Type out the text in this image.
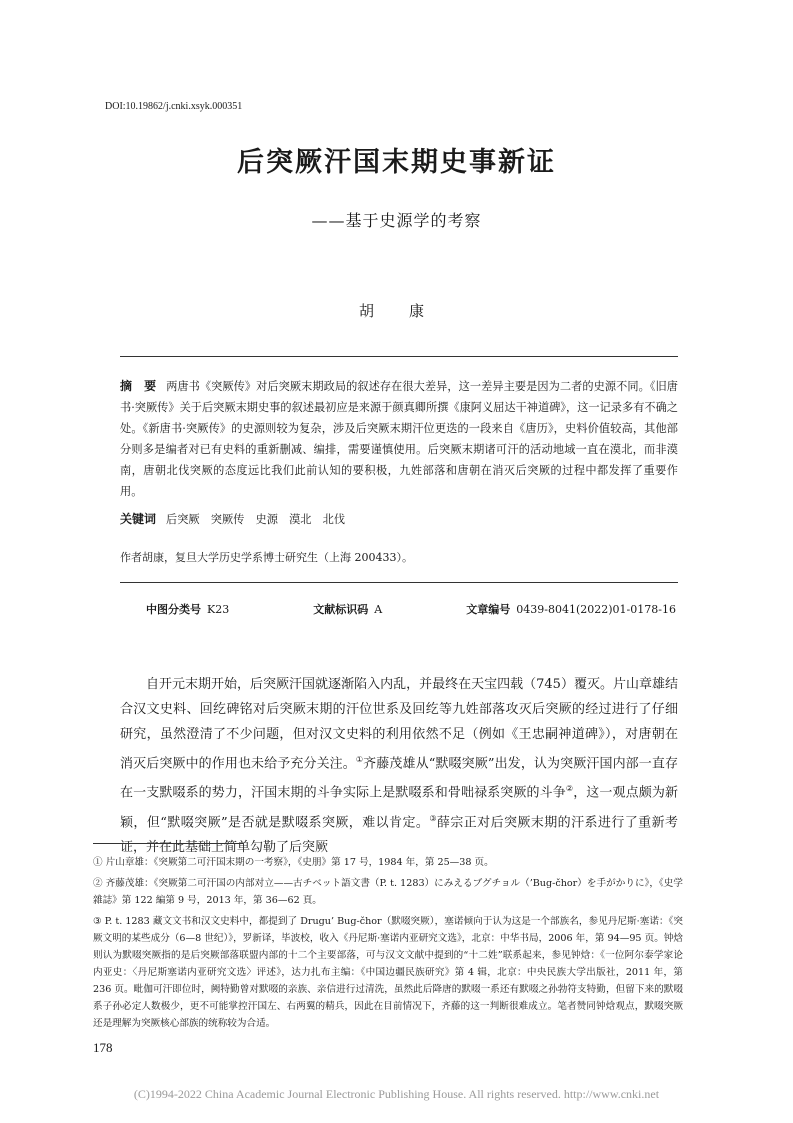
DOI:10.19862/j.cnki.xsyk.000351
后突厥汗国末期史事新证
——基于史源学的考察
胡　康
摘　要 两唐书《突厥传》对后突厥末期政局的叙述存在很大差异，这一差异主要是因为二者的史源不同。《旧唐书·突厥传》关于后突厥末期史事的叙述最初应是来源于颜真卿所撰《康阿义屈达干神道碑》，这一记录多有不确之处。《新唐书·突厥传》的史源则较为复杂，涉及后突厥末期汗位更迭的一段来自《唐历》，史料价值较高，其他部分则多是编者对已有史料的重新删减、编排，需要谨慎使用。后突厥末期诸可汗的活动地域一直在漠北，而非漠南，唐朝北伐突厥的态度远比我们此前认知的要积极，九姓部落和唐朝在消灭后突厥的过程中都发挥了重要作用。
关键词 后突厥　突厥传　史源　漠北　北伐
作者胡康，复旦大学历史学系博士研究生（上海 200433）。
中图分类号 K23	文献标识码 A	文章编号 0439-8041(2022)01-0178-16
自开元末期开始，后突厥汗国就逐渐陷入内乱，并最终在天宝四载（745）覆灭。片山章雄结合汉文史料、回纥碑铭对后突厥末期的汗位世系及回纥等九姓部落攻灭后突厥的经过进行了仔细研究，虽然澄清了不少问题，但对汉文史料的利用依然不足（例如《王忠嗣神道碑》），对唐朝在消灭后突厥中的作用也未给予充分关注。①齐藤茂雄从“默啜突厥”出发，认为突厥汗国内部一直存在一支默啜系的势力，汗国末期的斗争实际上是默啜系和骨咄禄系突厥的斗争②，这一观点颇为新颖，但“默啜突厥”是否就是默啜系突厥，难以肯定。③薛宗正对后突厥末期的汗系进行了重新考证，并在此基础上简单勾勒了后突厥

① 片山章雄：《突厥第二可汗国末期の一考察》，《史朋》第 17 号，1984 年，第 25—38 页。

② 齐藤茂雄：《突厥第二可汗国の内部对立——古チベット語文書（P. t. 1283）にみえるブグチョル（’Bug-čhor）を手がかりに》，《史学雜誌》第 122 編第 9 号，2013 年，第 36—62 頁。

③ P. t. 1283 藏文文书和汉文史料中，都提到了 Drugu’ Bug-čhor（默啜突厥），塞诺倾向于认为这是一个部族名，参见丹尼斯·塞诺：《突厥文明的某些成分（6—8 世纪）》，罗新译，毕波校，收入《丹尼斯·塞诺内亚研究文选》，北京：中华书局，2006 年，第 94—95 页。钟焓则认为默啜突厥指的是后突厥部落联盟内部的十二个主要部落，可与汉文文献中提到的“十二姓”联系起来，参见钟焓：《一位阿尔泰学家论内亚史：〈丹尼斯塞诺内亚研究文选〉评述》，达力扎布主编：《中国边疆民族研究》第 4 辑，北京：中央民族大学出版社，2011 年，第 236 页。毗伽可汗即位时，阙特勤曾对默啜的亲族、亲信进行过清洗，虽然此后降唐的默啜一系还有默啜之孙勃符支特勤，但留下来的默啜系子孙必定人数极少，更不可能掌控汗国左、右两翼的精兵，因此在目前情况下，齐藤的这一判断很难成立。笔者赞同钟焓观点，默啜突厥还是理解为突厥核心部族的统称较为合适。

178
(C)1994-2022 China Academic Journal Electronic Publishing House. All rights reserved. http://www.cnki.net
